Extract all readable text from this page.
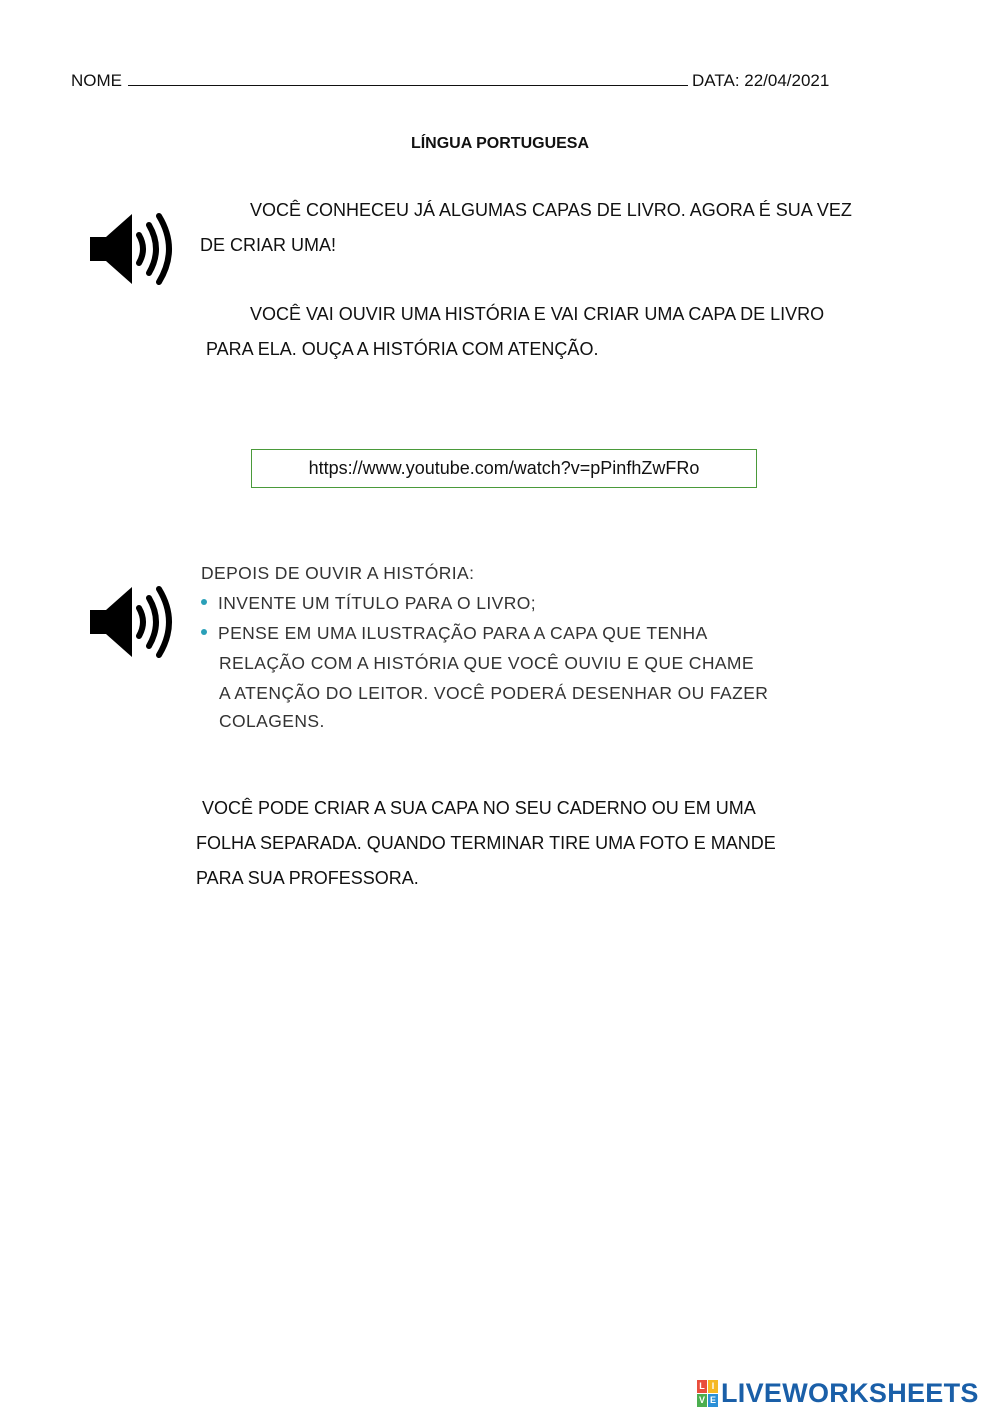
NOME	DATA: 22/04/2021
LÍNGUA PORTUGUESA
VOCÊ CONHECEU JÁ ALGUMAS CAPAS DE LIVRO. AGORA É SUA VEZ
DE CRIAR UMA!
VOCÊ VAI OUVIR UMA HISTÓRIA E VAI CRIAR UMA CAPA DE LIVRO
PARA ELA. OUÇA A HISTÓRIA COM ATENÇÃO.
https://www.youtube.com/watch?v=pPinfhZwFRo
DEPOIS DE OUVIR A HISTÓRIA:
INVENTE UM TÍTULO PARA O LIVRO;
PENSE EM UMA ILUSTRAÇÃO PARA A CAPA QUE TENHA
RELAÇÃO COM A HISTÓRIA QUE VOCÊ OUVIU E QUE CHAME
A ATENÇÃO DO LEITOR. VOCÊ PODERÁ DESENHAR OU FAZER
COLAGENS.
VOCÊ PODE CRIAR A SUA CAPA NO SEU CADERNO OU EM UMA
FOLHA SEPARADA. QUANDO TERMINAR TIRE UMA FOTO E MANDE
PARA SUA PROFESSORA.
L I
V E LIVEWORKSHEETS
